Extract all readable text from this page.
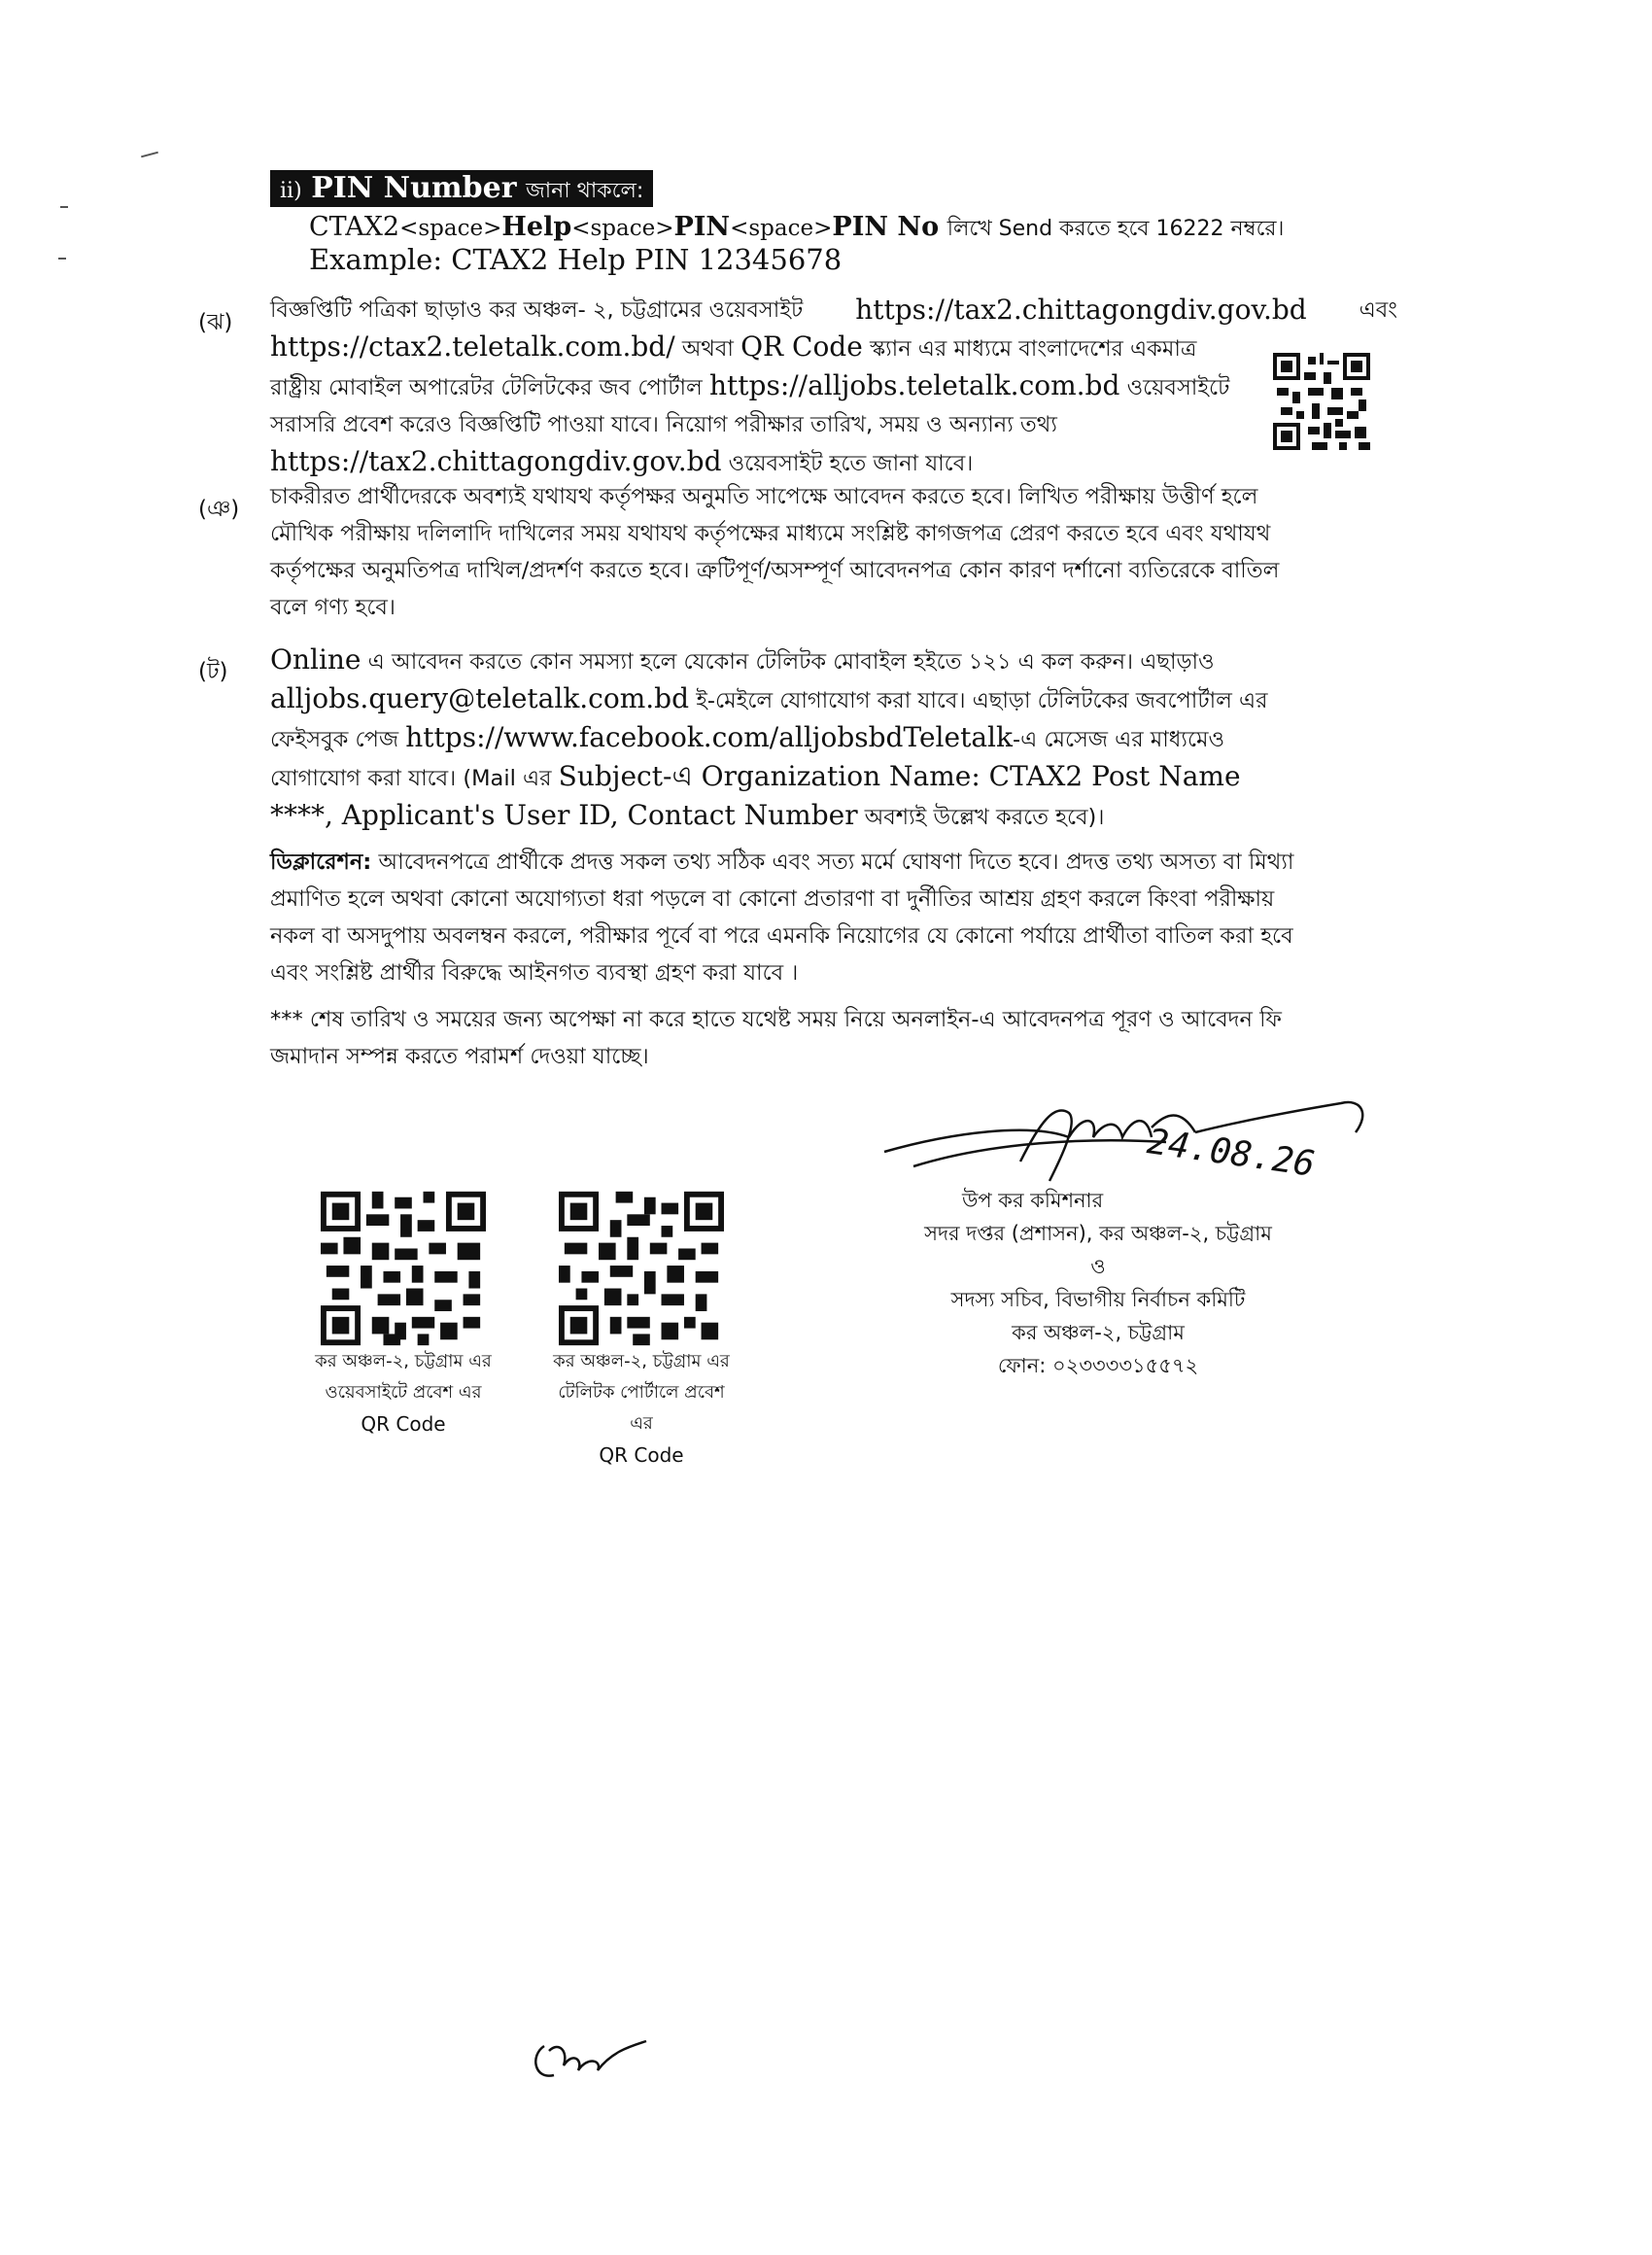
ii) PIN Number জানা থাকলে:
CTAX2<space>Help<space>PIN<space>PIN No লিখে Send করতে হবে 16222 নম্বরে।
Example: CTAX2 Help PIN 12345678
(ঝ)	বিজ্ঞপ্তিটি পত্রিকা ছাড়াও কর অঞ্চল- ২, চট্টগ্রামের ওয়েবসাইট https://tax2.chittagongdiv.gov.bd এবং
https://ctax2.teletalk.com.bd/ অথবা QR Code স্ক্যান এর মাধ্যমে বাংলাদেশের একমাত্র
রাষ্ট্রীয় মোবাইল অপারেটর টেলিটকের জব পোর্টাল https://alljobs.teletalk.com.bd ওয়েবসাইটে
সরাসরি প্রবেশ করেও বিজ্ঞপ্তিটি পাওয়া যাবে। নিয়োগ পরীক্ষার তারিখ, সময় ও অন্যান্য তথ্য
https://tax2.chittagongdiv.gov.bd ওয়েবসাইট হতে জানা যাবে।
(ঞ)	চাকরীরত প্রার্থীদেরকে অবশ্যই যথাযথ কর্তৃপক্ষর অনুমতি সাপেক্ষে আবেদন করতে হবে। লিখিত পরীক্ষায় উত্তীর্ণ হলে
মৌখিক পরীক্ষায় দলিলাদি দাখিলের সময় যথাযথ কর্তৃপক্ষের মাধ্যমে সংশ্লিষ্ট কাগজপত্র প্রেরণ করতে হবে এবং যথাযথ
কর্তৃপক্ষের অনুমতিপত্র দাখিল/প্রদর্শণ করতে হবে। ত্রুটিপূর্ণ/অসম্পূর্ণ আবেদনপত্র কোন কারণ দর্শানো ব্যতিরেকে বাতিল
বলে গণ্য হবে।
(ট)	Online এ আবেদন করতে কোন সমস্যা হলে যেকোন টেলিটক মোবাইল হইতে ১২১ এ কল করুন। এছাড়াও
alljobs.query@teletalk.com.bd ই-মেইলে যোগাযোগ করা যাবে। এছাড়া টেলিটকের জবপোর্টাল এর
ফেইসবুক পেজ https://www.facebook.com/alljobsbdTeletalk-এ মেসেজ এর মাধ্যমেও
যোগাযোগ করা যাবে। (Mail এর Subject-এ Organization Name: CTAX2 Post Name
****, Applicant's User ID, Contact Number অবশ্যই উল্লেখ করতে হবে)।
ডিক্লারেশন: আবেদনপত্রে প্রার্থীকে প্রদত্ত সকল তথ্য সঠিক এবং সত্য মর্মে ঘোষণা দিতে হবে। প্রদত্ত তথ্য অসত্য বা মিথ্যা
প্রমাণিত হলে অথবা কোনো অযোগ্যতা ধরা পড়লে বা কোনো প্রতারণা বা দুর্নীতির আশ্রয় গ্রহণ করলে কিংবা পরীক্ষায়
নকল বা অসদুপায় অবলম্বন করলে, পরীক্ষার পূর্বে বা পরে এমনকি নিয়োগের যে কোনো পর্যায়ে প্রার্থীতা বাতিল করা হবে
এবং সংশ্লিষ্ট প্রার্থীর বিরুদ্ধে আইনগত ব্যবস্থা গ্রহণ করা যাবে ।
*** শেষ তারিখ ও সময়ের জন্য অপেক্ষা না করে হাতে যথেষ্ট সময় নিয়ে অনলাইন-এ আবেদনপত্র পূরণ ও আবেদন ফি
জমাদান সম্পন্ন করতে পরামর্শ দেওয়া যাচ্ছে।
24.08.26
উপ কর কমিশনার
সদর দপ্তর (প্রশাসন), কর অঞ্চল-২, চট্টগ্রাম
ও
সদস্য সচিব, বিভাগীয় নির্বাচন কমিটি
কর অঞ্চল-২, চট্টগ্রাম
ফোন: ০২৩৩৩৩১৫৫৭২
কর অঞ্চল-২, চট্টগ্রাম এর
ওয়েবসাইটে প্রবেশ এর
QR Code
কর অঞ্চল-২, চট্টগ্রাম এর
টেলিটক পোর্টালে প্রবেশ এর
QR Code
